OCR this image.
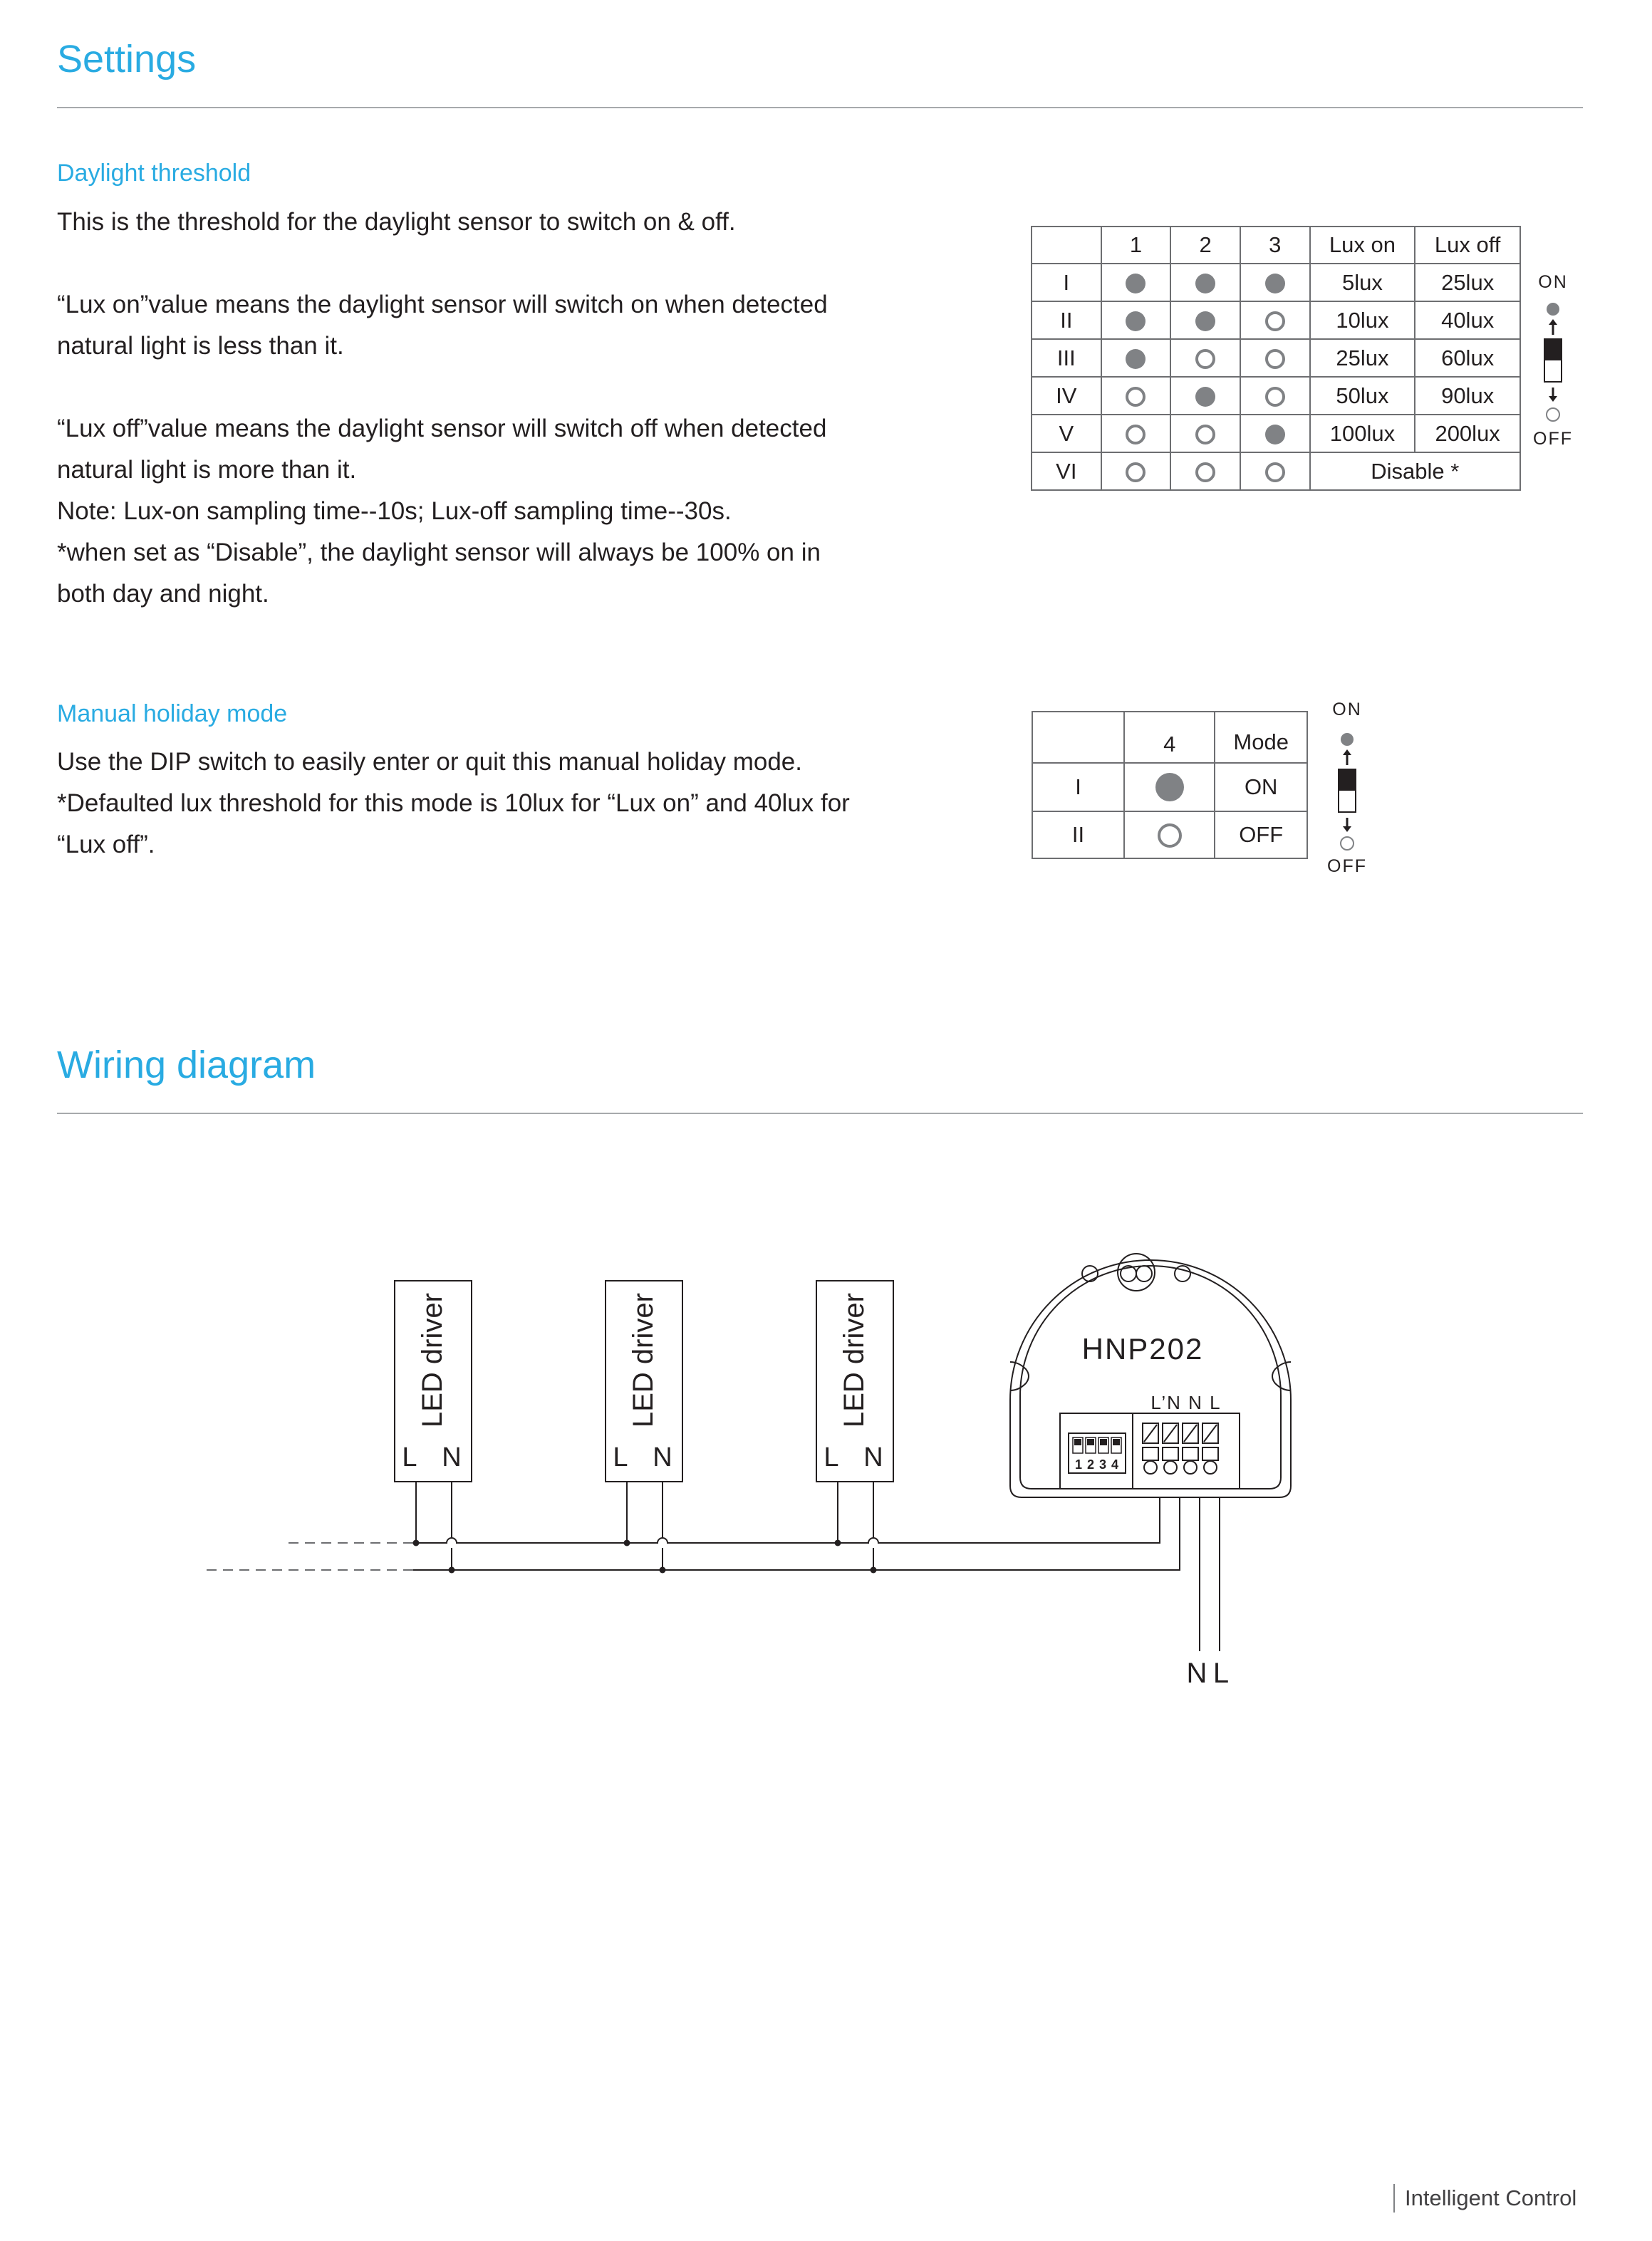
Settings
Daylight threshold

This is the threshold for the daylight sensor to switch on & off.

“Lux on”value means the daylight sensor will switch on when detected

natural light is less than it.

“Lux off”value means the daylight sensor will switch off when detected

natural light is more than it.

Note: Lux-on sampling time--10s; Lux-off sampling time--30s.

*when set as “Disable”, the daylight sensor will always be 100% on in

both day and night.

	1	2	3	Lux on	Lux off
I				5lux	25lux
II				10lux	40lux
III				25lux	60lux
IV				50lux	90lux
V				100lux	200lux
VI				Disable *	
ON
OFF
Manual holiday mode

Use the DIP switch to easily enter or quit this manual holiday mode.

*Defaulted lux threshold for this mode is 10lux for “Lux on” and 40lux for

“Lux off”.

	4	Mode
I		ON
II		OFF
ON
OFF
Wiring diagram
LED driver
L N
LED driver
L N
LED driver
L N
HNP202
L’N N L
1 2 3 4
N L
Intelligent Control
